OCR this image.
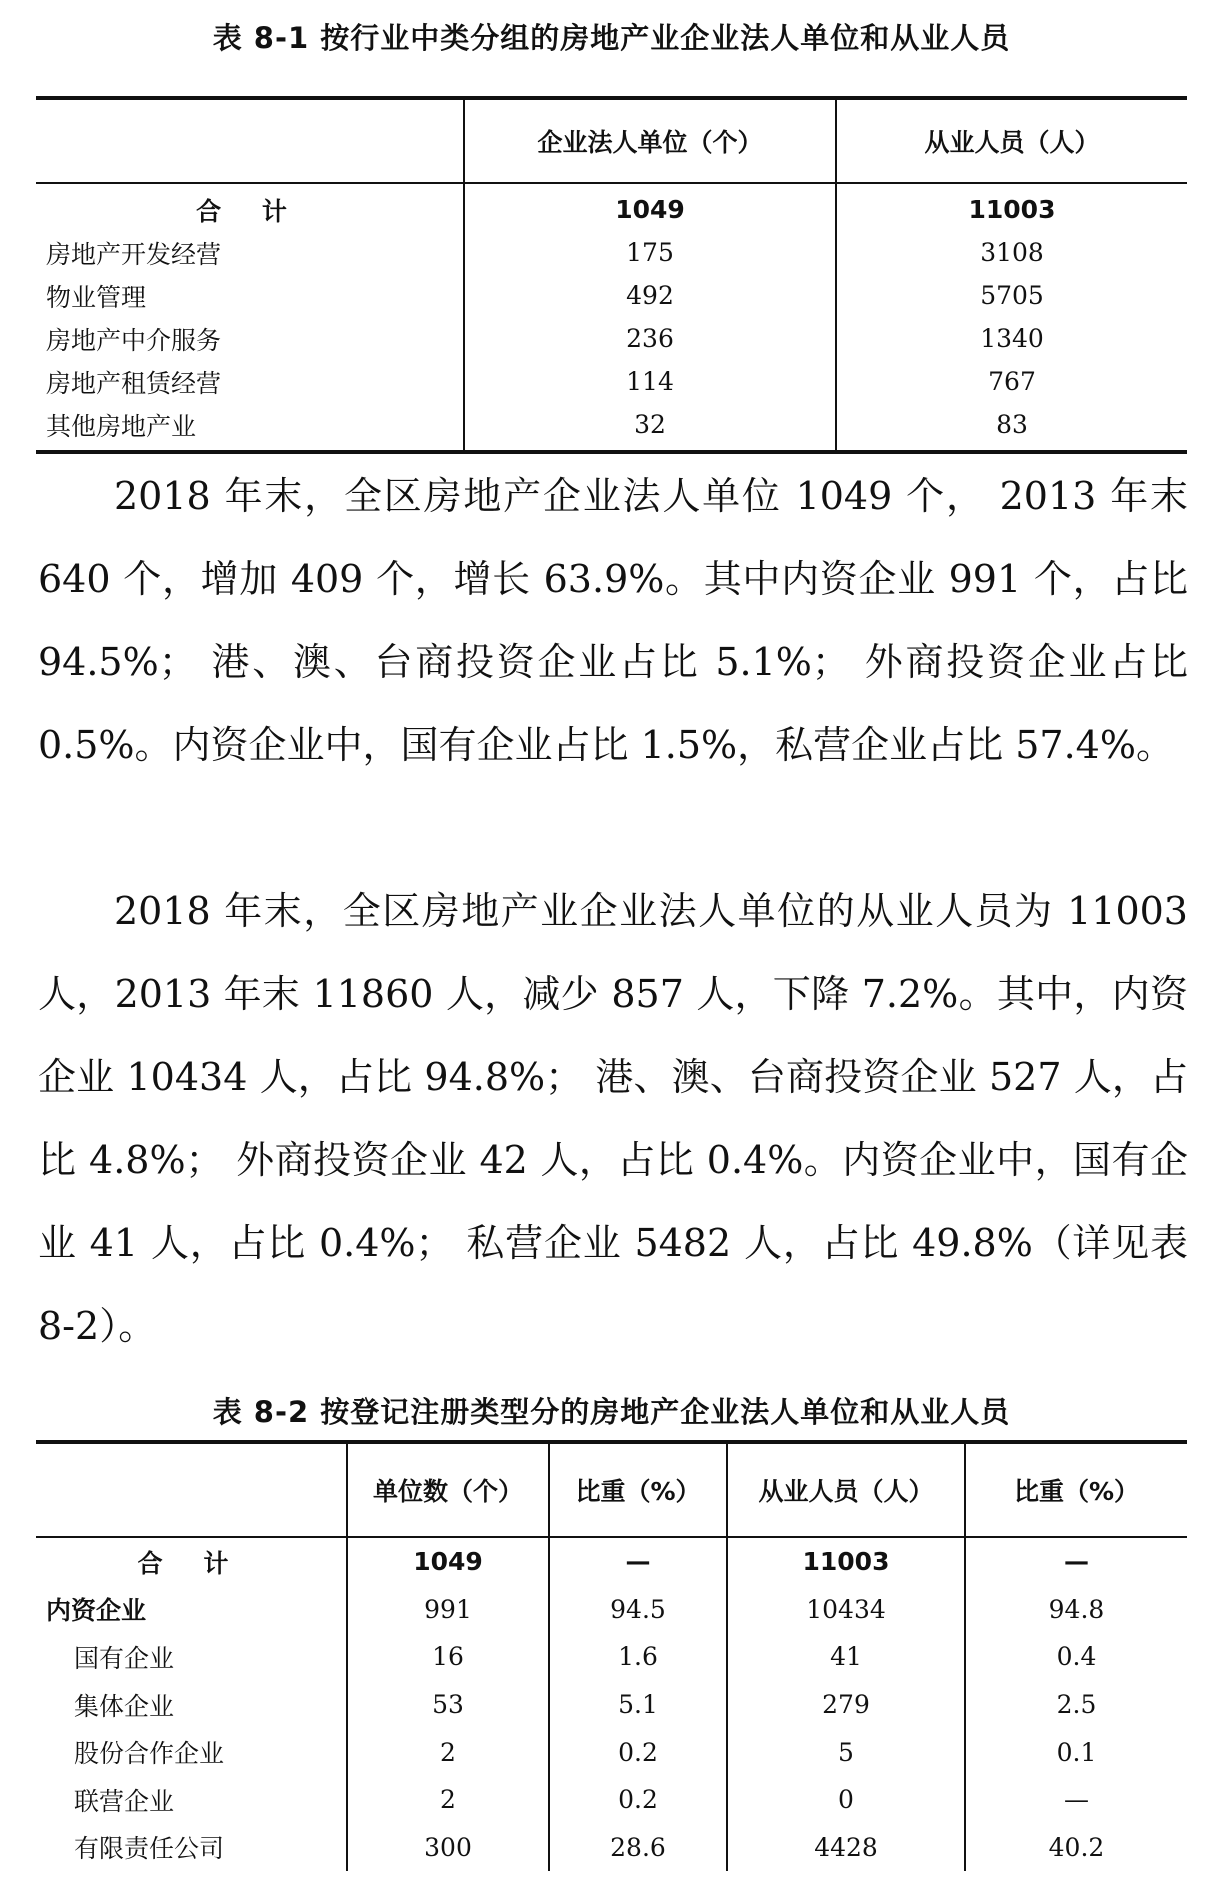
表 8-1 按行业中类分组的房地产业企业法人单位和从业人员
	企业法人单位（个）	从业人员（人）
合 计	1049	11003
房地产开发经营	175	3108
物业管理	492	5705
房地产中介服务	236	1340
房地产租赁经营	114	767
其他房地产业	32	83

2018 年末，全区房地产企业法人单位 1049 个， 2013 年末 640 个，增加 409 个，增长 63.9%。其中内资企业 991 个，占比 94.5%； 港、澳、台商投资企业占比 5.1%； 外商投资企业占比 0.5%。内资企业中，国有企业占比 1.5%，私营企业占比 57.4%。

2018 年末，全区房地产业企业法人单位的从业人员为 11003 人，2013 年末 11860 人，减少 857 人，下降 7.2%。其中，内资企业 10434 人，占比 94.8%； 港、澳、台商投资企业 527 人，占比 4.8%； 外商投资企业 42 人，占比 0.4%。内资企业中，国有企业 41 人，占比 0.4%； 私营企业 5482 人，占比 49.8%（详见表 8-2）。

表 8-2 按登记注册类型分的房地产企业法人单位和从业人员
	单位数（个）	比重（%）	从业人员（人）	比重（%）
合 计	1049	—	11003	—
内资企业	991	94.5	10434	94.8
国有企业	16	1.6	41	0.4
集体企业	53	5.1	279	2.5
股份合作企业	2	0.2	5	0.1
联营企业	2	0.2	0	—
有限责任公司	300	28.6	4428	40.2
